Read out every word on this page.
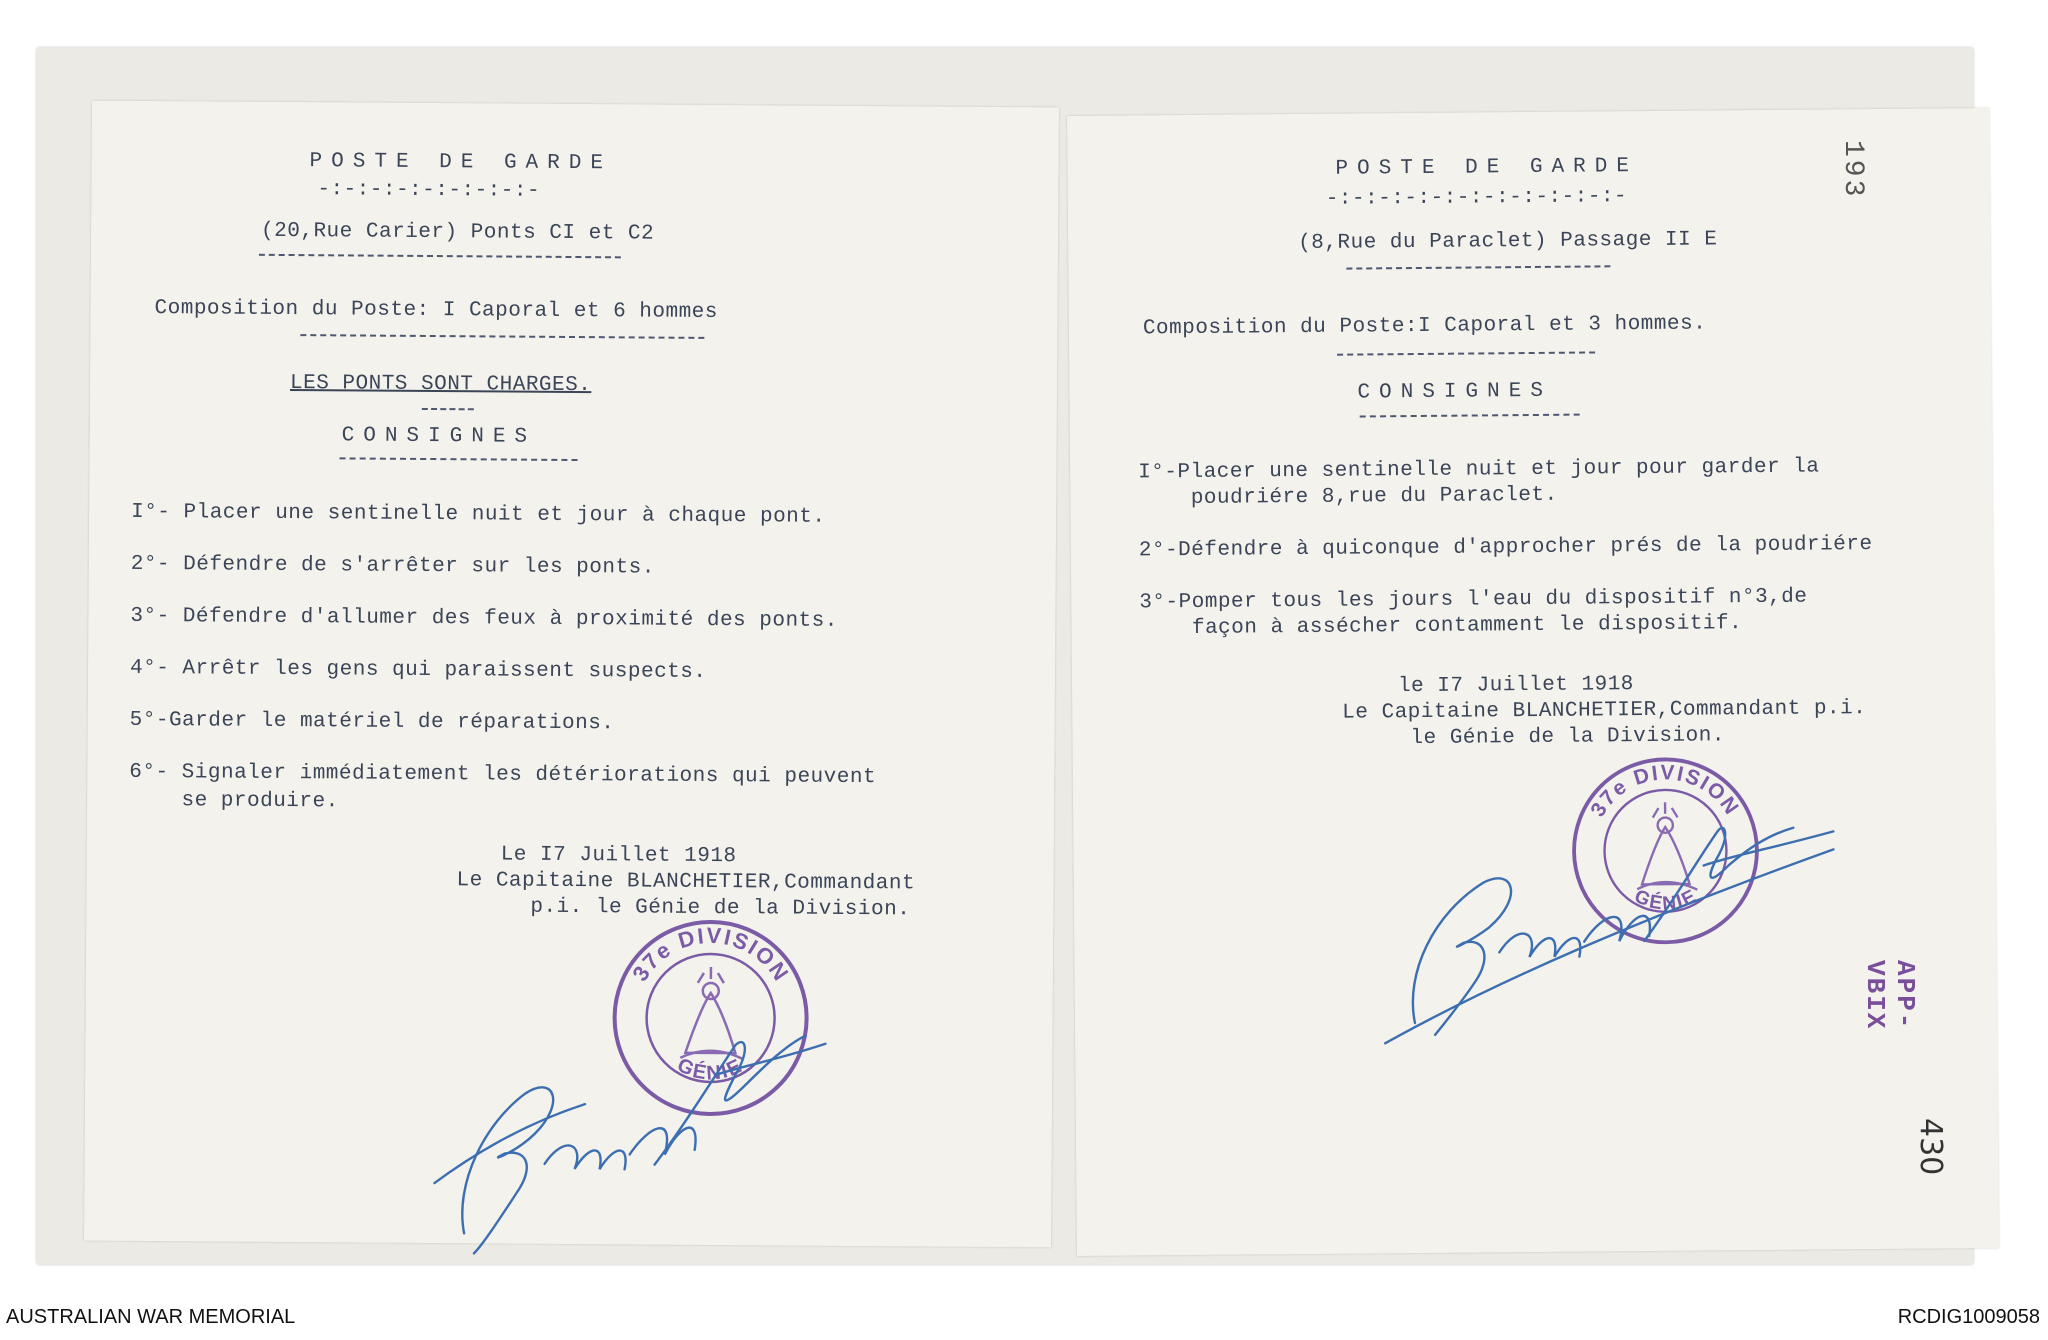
POSTE DE GARDE
-:-:-:-:-:-:-:-:-
(20,Rue Carier) Ponts CI et C2
Composition du Poste: I Caporal et 6 hommes
LES PONTS SONT CHARGES.
CONSIGNES
I°- Placer une sentinelle nuit et jour à chaque pont.
2°- Défendre de s'arrêter sur les ponts.
3°- Défendre d'allumer des feux à proximité des ponts.
4°- Arrêtr les gens qui paraissent suspects.
5°-Garder le matériel de réparations.
6°- Signaler immédiatement les détériorations qui peuvent
se produire.
Le I7 Juillet 1918
Le Capitaine BLANCHETIER,Commandant
p.i. le Génie de la Division.
37e DIVISION
GÉNIE
POSTE DE GARDE
-:-:-:-:-:-:-:-:-:-:-:-
(8,Rue du Paraclet) Passage II E
Composition du Poste:I Caporal et 3 hommes.
CONSIGNES
I°-Placer une sentinelle nuit et jour pour garder la
poudriére 8,rue du Paraclet.
2°-Défendre à quiconque d'approcher prés de la poudriére
3°-Pomper tous les jours l'eau du dispositif n°3,de
façon à assécher contamment le dispositif.
le I7 Juillet 1918
Le Capitaine BLANCHETIER,Commandant p.i.
le Génie de la Division.
37e DIVISION
GÉNIE
193
APP-VBIX
430
AUSTRALIAN WAR MEMORIAL	RCDIG1009058
